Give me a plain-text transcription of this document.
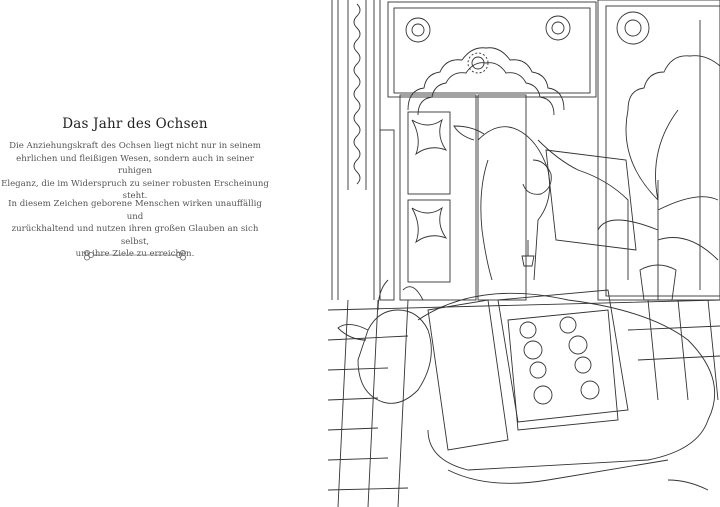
Das Jahr des Ochsen
Die Anziehungskraft des Ochsen liegt nicht nur in seinem
ehrlichen und fleißigen Wesen, sondern auch in seiner ruhigen
Eleganz, die im Widerspruch zu seiner robusten Erscheinung
steht.
In diesem Zeichen geborene Menschen wirken unauffällig und
zurückhaltend und nutzen ihren großen Glauben an sich selbst,
um ihre Ziele zu erreichen.
